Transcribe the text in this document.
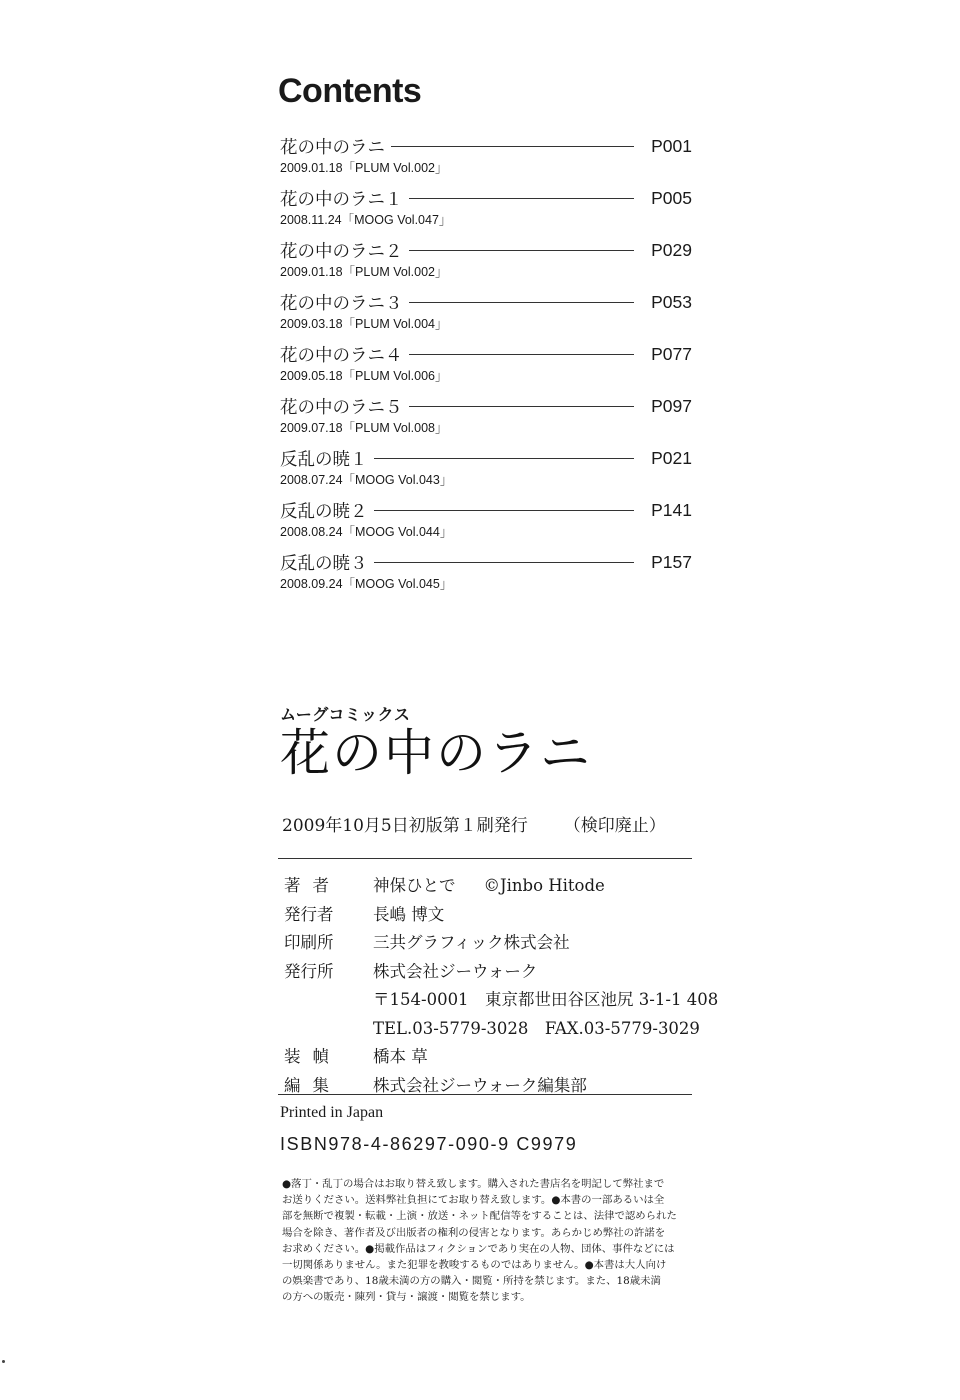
Contents
花の中のラニ	P001
2009.01.18「PLUM Vol.002」
花の中のラニ１	P005
2008.11.24「MOOG Vol.047」
花の中のラニ２	P029
2009.01.18「PLUM Vol.002」
花の中のラニ３	P053
2009.03.18「PLUM Vol.004」
花の中のラニ４	P077
2009.05.18「PLUM Vol.006」
花の中のラニ５	P097
2009.07.18「PLUM Vol.008」
反乱の暁１	P021
2008.07.24「MOOG Vol.043」
反乱の暁２	P141
2008.08.24「MOOG Vol.044」
反乱の暁３	P157
2008.09.24「MOOG Vol.045」
ムーグコミックス
花の中のラニ
2009年10月5日初版第１刷発行 （検印廃止）
著者 神保ひとで ©Jinbo Hitode
発行者	長嶋 博文
印刷所	三共グラフィック株式会社
発行所	株式会社ジーウォーク
〒154-0001　東京都世田谷区池尻 3-1-1 408
TEL.03-5779-3028　FAX.03-5779-3029
装幀 橋本 草
編集 株式会社ジーウォーク編集部
Printed in Japan
ISBN978-4-86297-090-9 C9979
●落丁・乱丁の場合はお取り替え致します。購入された書店名を明記して弊社まで
お送りください。送料弊社負担にてお取り替え致します。●本書の一部あるいは全
部を無断で複製・転載・上演・放送・ネット配信等をすることは、法律で認められた
場合を除き、著作者及び出版者の権利の侵害となります。あらかじめ弊社の許諾を
お求めください。●掲載作品はフィクションであり実在の人物、団体、事件などには
一切関係ありません。また犯罪を教唆するものではありません。●本書は大人向け
の娯楽書であり、18歳未満の方の購入・閲覧・所持を禁じます。また、18歳未満
の方への販売・陳列・貸与・譲渡・閲覧を禁じます。
